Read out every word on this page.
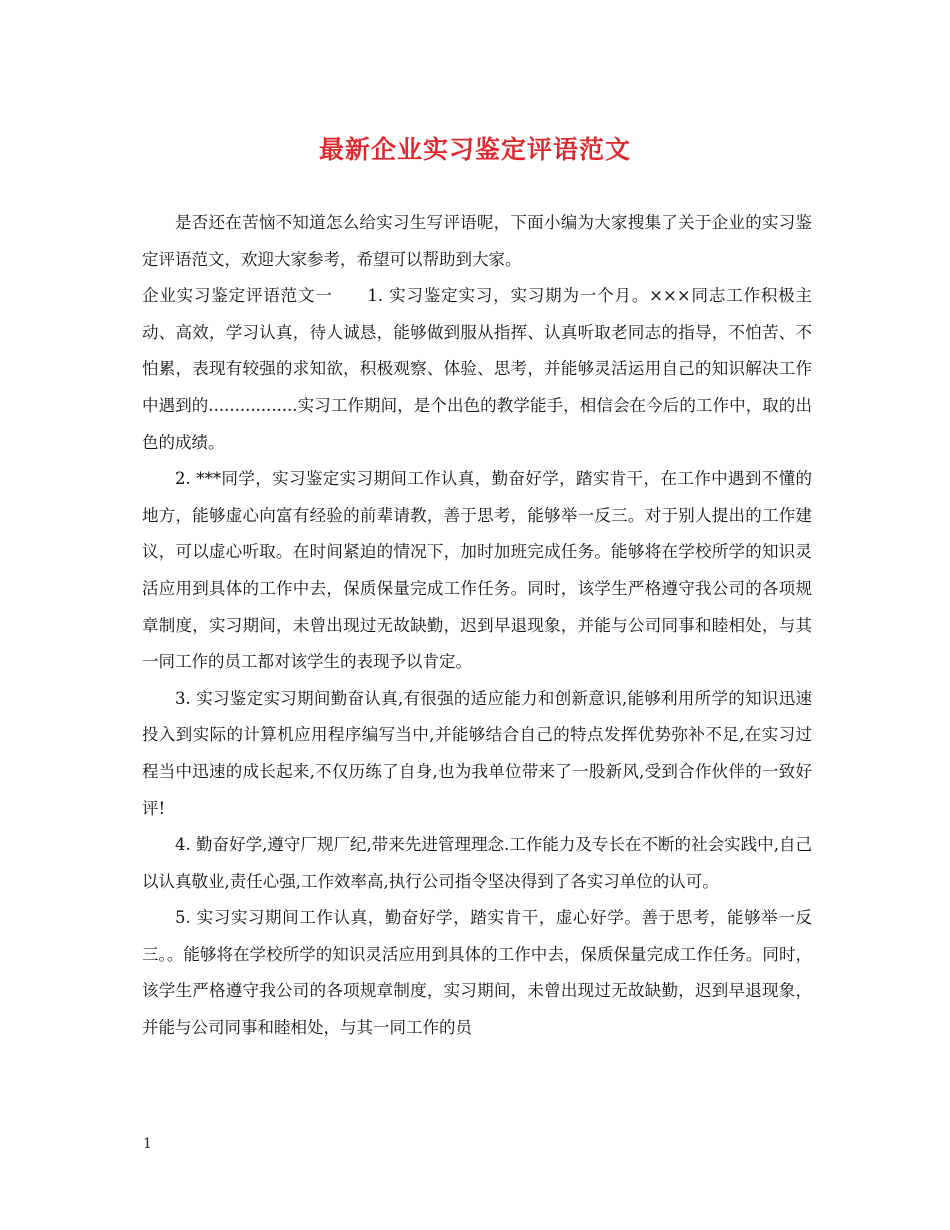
最新企业实习鉴定评语范文

是否还在苦恼不知道怎么给实习生写评语呢，下面小编为大家搜集了关于企业的实习鉴定评语范文，欢迎大家参考，希望可以帮助到大家。

企业实习鉴定评语范文一　　1. 实习鉴定实习，实习期为一个月。×××同志工作积极主动、高效，学习认真，待人诚恳，能够做到服从指挥、认真听取老同志的指导，不怕苦、不怕累，表现有较强的求知欲，积极观察、体验、思考，并能够灵活运用自己的知识解决工作中遇到的.................实习工作期间，是个出色的教学能手，相信会在今后的工作中，取的出色的成绩。

2. ***同学，实习鉴定实习期间工作认真，勤奋好学，踏实肯干，在工作中遇到不懂的地方，能够虚心向富有经验的前辈请教，善于思考，能够举一反三。对于别人提出的工作建议，可以虚心听取。在时间紧迫的情况下，加时加班完成任务。能够将在学校所学的知识灵活应用到具体的工作中去，保质保量完成工作任务。同时，该学生严格遵守我公司的各项规章制度，实习期间，未曾出现过无故缺勤，迟到早退现象，并能与公司同事和睦相处，与其一同工作的员工都对该学生的表现予以肯定。

3. 实习鉴定实习期间勤奋认真,有很强的适应能力和创新意识,能够利用所学的知识迅速投入到实际的计算机应用程序编写当中,并能够结合自己的特点发挥优势弥补不足,在实习过程当中迅速的成长起来,不仅历练了自身,也为我单位带来了一股新风,受到合作伙伴的一致好评!

4. 勤奋好学,遵守厂规厂纪,带来先进管理理念.工作能力及专长在不断的社会实践中,自己以认真敬业,责任心强,工作效率高,执行公司指令坚决得到了各实习单位的认可。

5. 实习实习期间工作认真，勤奋好学，踏实肯干，虚心好学。善于思考，能够举一反三。。能够将在学校所学的知识灵活应用到具体的工作中去，保质保量完成工作任务。同时，该学生严格遵守我公司的各项规章制度，实习期间，未曾出现过无故缺勤，迟到早退现象，并能与公司同事和睦相处，与其一同工作的员

1
